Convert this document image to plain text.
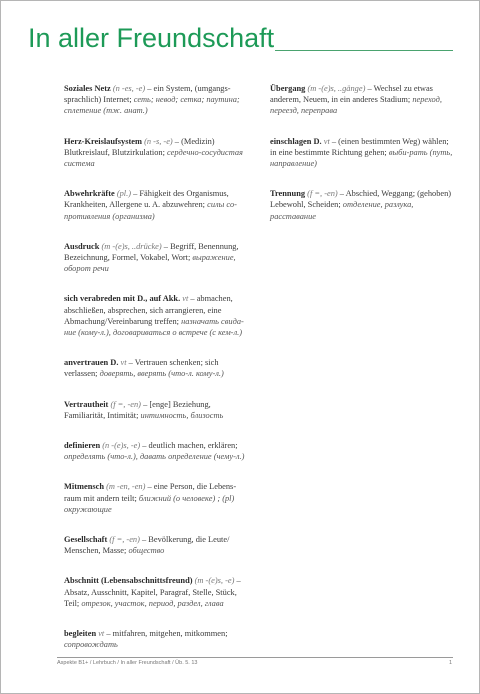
In aller Freundschaft

Soziales Netz (n -es, -e) – ein System, (umgangs-sprachlich) Internet; сеть; невод; сетка; паутина; сплетение (тж. анат.)

Herz-Kreislaufsystem (n -s, -e) – (Medizin) Blutkreislauf, Blutzirkulation; сердечно-сосудистая система

Abwehrkräfte (pl.) – Fähigkeit des Organismus, Krankheiten, Allergene u. A. abzuwehren; силы со-противления (организма)

Ausdruck (m -(e)s, ..drücke) – Begriff, Benennung, Bezeichnung, Formel, Vokabel, Wort; выражение, оборот речи

sich verabreden mit D., auf Akk. vt – abmachen, abschließen, absprechen, sich arrangieren, eine Abmachung/Vereinbarung treffen; назначать свида-ние (кому-л.), договариваться о встрече (с кем-л.)

anvertrauen D. vt – Vertrauen schenken; sich verlassen; доверять, вверять (что-л. кому-л.)

Vertrautheit (f =, -en) – [enge] Beziehung, Familiarität, Intimität; интимность, близость

definieren (n -(e)s, -e) – deutlich machen, erklären; определять (что-л.), давать определение (чему-л.)

Mitmensch (m -en, -en) – eine Person, die Lebens-raum mit andern teilt; ближний (о человеке) ; (pl) окружающие

Gesellschaft (f =, -en) – Bevölkerung, die Leute/ Menschen, Masse; общество

Abschnitt (Lebensabschnittsfreund) (m -(e)s, -e) – Absatz, Ausschnitt, Kapitel, Paragraf, Stelle, Stück, Teil; отрезок, участок, период, раздел, глава

begleiten vt – mitfahren, mitgehen, mitkommen; сопровождать

Übergang (m -(e)s, ..gänge) – Wechsel zu etwas anderem, Neuem, in ein anderes Stadium; переход, переезд, переправа

einschlagen D. vt – (einen bestimmten Weg) wählen; in eine bestimmte Richtung gehen; выби-рать (путь, направление)

Trennung (f =, -en) – Abschied, Weggang; (gehoben) Lebewohl, Scheiden; отделение, разлука, расставание

Aspekte B1+ / Lehrbuch / In aller Freundschaft / Üb. 5. 13	1
